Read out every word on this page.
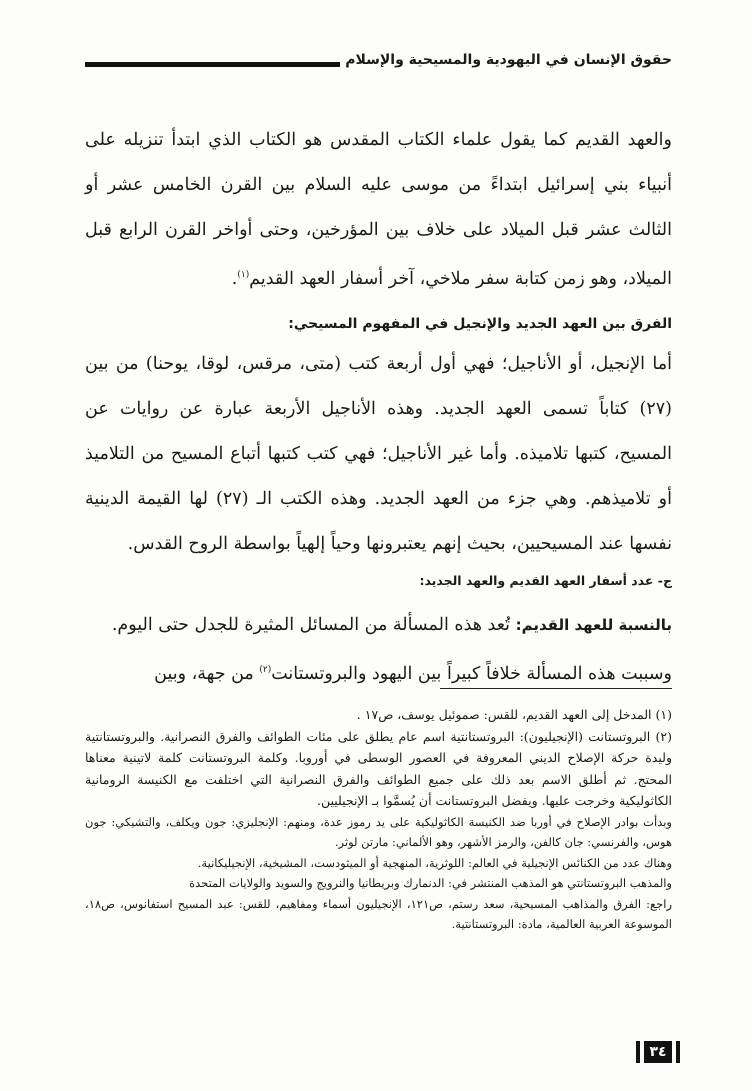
حقوق الإنسان في اليهودية والمسيحية والإسلام

والعهد القديم كما يقول علماء الكتاب المقدس هو الكتاب الذي ابتدأ تنزيله على أنبياء بني إسرائيل ابتداءً من موسى عليه السلام بين القرن الخامس عشر أو الثالث عشر قبل الميلاد على خلاف بين المؤرخين، وحتى أواخر القرن الرابع قبل الميلاد، وهو زمن كتابة سفر ملاخي، آخر أسفار العهد القديم$^{(١)}$.

الفرق بين العهد الجديد والإنجيل في المفهوم المسيحي:

أما الإنجيل، أو الأناجيل؛ فهي أول أربعة كتب (متى، مرقس، لوقا، يوحنا) من بين (٢٧) كتاباً تسمى العهد الجديد. وهذه الأناجيل الأربعة عبارة عن روايات عن المسيح، كتبها تلاميذه. وأما غير الأناجيل؛ فهي كتب كتبها أتباع المسيح من التلاميذ أو تلاميذهم. وهي جزء من العهد الجديد. وهذه الكتب الـ (٢٧) لها القيمة الدينية نفسها عند المسيحيين، بحيث إنهم يعتبرونها وحياً إلهياً بواسطة الروح القدس.

ج- عدد أسفار العهد القديم والعهد الجديد:

بالنسبة للعهد القديم: تُعد هذه المسألة من المسائل المثيرة للجدل حتى اليوم.

وسببت هذه المسألة خلافاً كبيراً بين اليهود والبروتستانت$^{(٢)}$ من جهة، وبين

(١) المدخل إلى العهد القديم، للقس: صموئيل يوسف، ص١٧ .

(٢) البروتستانت (الإنجيليون): البروتستانتية اسم عام يطلق على مئات الطوائف والفرق النصرانية. والبروتستانتية وليدة حركة الإصلاح الديني المعروفة في العصور الوسطى في أوروبا. وكلمة البروتستانت كلمة لاتينية معناها المحتج. ثم أطلق الاسم بعد ذلك على جميع الطوائف والفرق النصرانية التي اختلفت مع الكنيسة الرومانية الكاثوليكية وخرجت عليها. ويفضل البروتستانت أن يُسمَّوا بـ الإنجيليين.

وبدأت بوادر الإصلاح في أوربا ضد الكنيسة الكاثوليكية على يد رموز عدة، ومنهم: الإنجليزي: جون ويكلف، والتشيكي: جون هوس، والفرنسي: جان كالفن، والرمز الأشهر، وهو الألماني: مارتن لوثر.

وهناك عدد من الكنائس الإنجيلية في العالم: اللوثرية، المنهجية أو الميثودست، المشيخية، الإنجيليكانية.

والمذهب البروتستانتي هو المذهب المنتشر في: الدنمارك وبريطانيا والنرويج والسويد والولايات المتحدة

راجع: الفرق والمذاهب المسيحية، سعد رستم، ص١٢١، الإنجيليون أسماء ومفاهيم، للقس: عبد المسيح استفانوس، ص١٨، الموسوعة العربية العالمية، مادة: البروتستانتية.

٣٤
